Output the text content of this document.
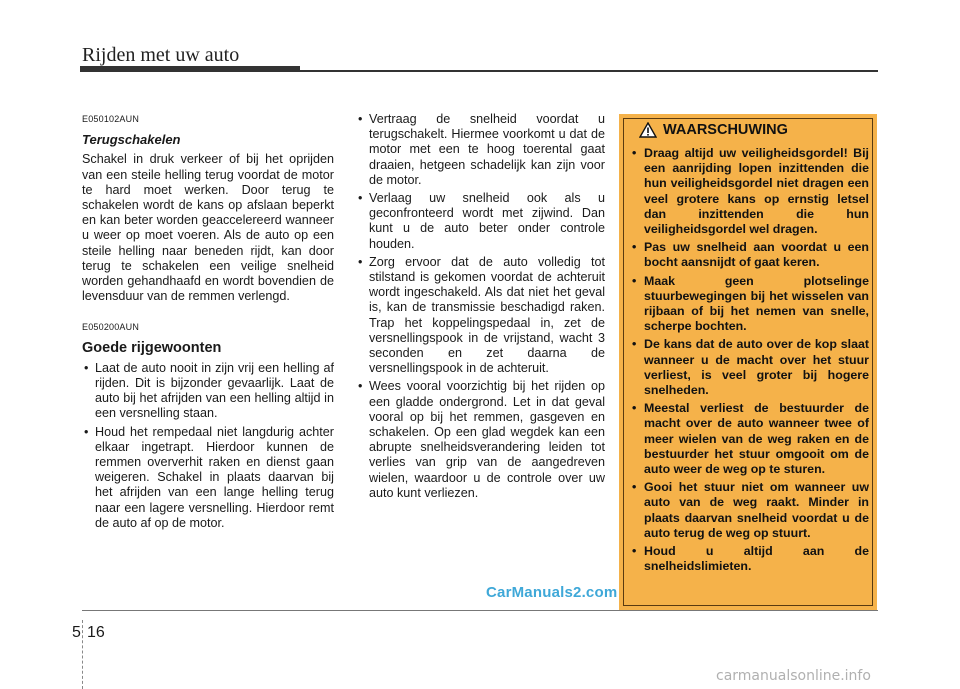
Rijden met uw auto
E050102AUN
Terugschakelen

Schakel in druk verkeer of bij het oprijden van een steile helling terug voordat de motor te hard moet werken. Door terug te schakelen wordt de kans op afslaan beperkt en kan beter worden geaccelereerd wanneer u weer op moet voeren. Als de auto op een steile helling naar beneden rijdt, kan door terug te schakelen een veilige snelheid worden gehandhaafd en wordt bovendien de levensduur van de remmen verlengd.

E050200AUN
Goede rijgewoonten
• Laat de auto nooit in zijn vrij een helling af rijden. Dit is bijzonder gevaarlijk. Laat de auto bij het afrijden van een helling altijd in een versnelling staan.
• Houd het rempedaal niet langdurig achter elkaar ingetrapt. Hierdoor kunnen de remmen oververhit raken en dienst gaan weigeren. Schakel in plaats daarvan bij het afrijden van een lange helling terug naar een lagere versnelling. Hierdoor remt de auto af op de motor.
• Vertraag de snelheid voordat u terugschakelt. Hiermee voorkomt u dat de motor met een te hoog toerental gaat draaien, hetgeen schadelijk kan zijn voor de motor.
• Verlaag uw snelheid ook als u geconfronteerd wordt met zijwind. Dan kunt u de auto beter onder controle houden.
• Zorg ervoor dat de auto volledig tot stilstand is gekomen voordat de achteruit wordt ingeschakeld. Als dat niet het geval is, kan de transmissie beschadigd raken. Trap het koppelingspedaal in, zet de versnellingspook in de vrijstand, wacht 3 seconden en zet daarna de versnellingspook in de achteruit.
• Wees vooral voorzichtig bij het rijden op een gladde ondergrond. Let in dat geval vooral op bij het remmen, gasgeven en schakelen. Op een glad wegdek kan een abrupte snelheidsverandering leiden tot verlies van grip van de aangedreven wielen, waardoor u de controle over uw auto kunt verliezen.
WAARSCHUWING
• Draag altijd uw veiligheidsgordel! Bij een aanrijding lopen inzittenden die hun veiligheidsgordel niet dragen een veel grotere kans op ernstig letsel dan inzittenden die hun veiligheidsgordel wel dragen.
• Pas uw snelheid aan voordat u een bocht aansnijdt of gaat keren.
• Maak geen plotselinge stuurbewegingen bij het wisselen van rijbaan of bij het nemen van snelle, scherpe bochten.
• De kans dat de auto over de kop slaat wanneer u de macht over het stuur verliest, is veel groter bij hogere snelheden.
• Meestal verliest de bestuurder de macht over de auto wanneer twee of meer wielen van de weg raken en de bestuurder het stuur omgooit om de auto weer de weg op te sturen.
• Gooi het stuur niet om wanneer uw auto van de weg raakt. Minder in plaats daarvan snelheid voordat u de auto terug de weg op stuurt.
• Houd u altijd aan de snelheidslimieten.
CarManuals2.com
5 16
carmanualsonline.info
